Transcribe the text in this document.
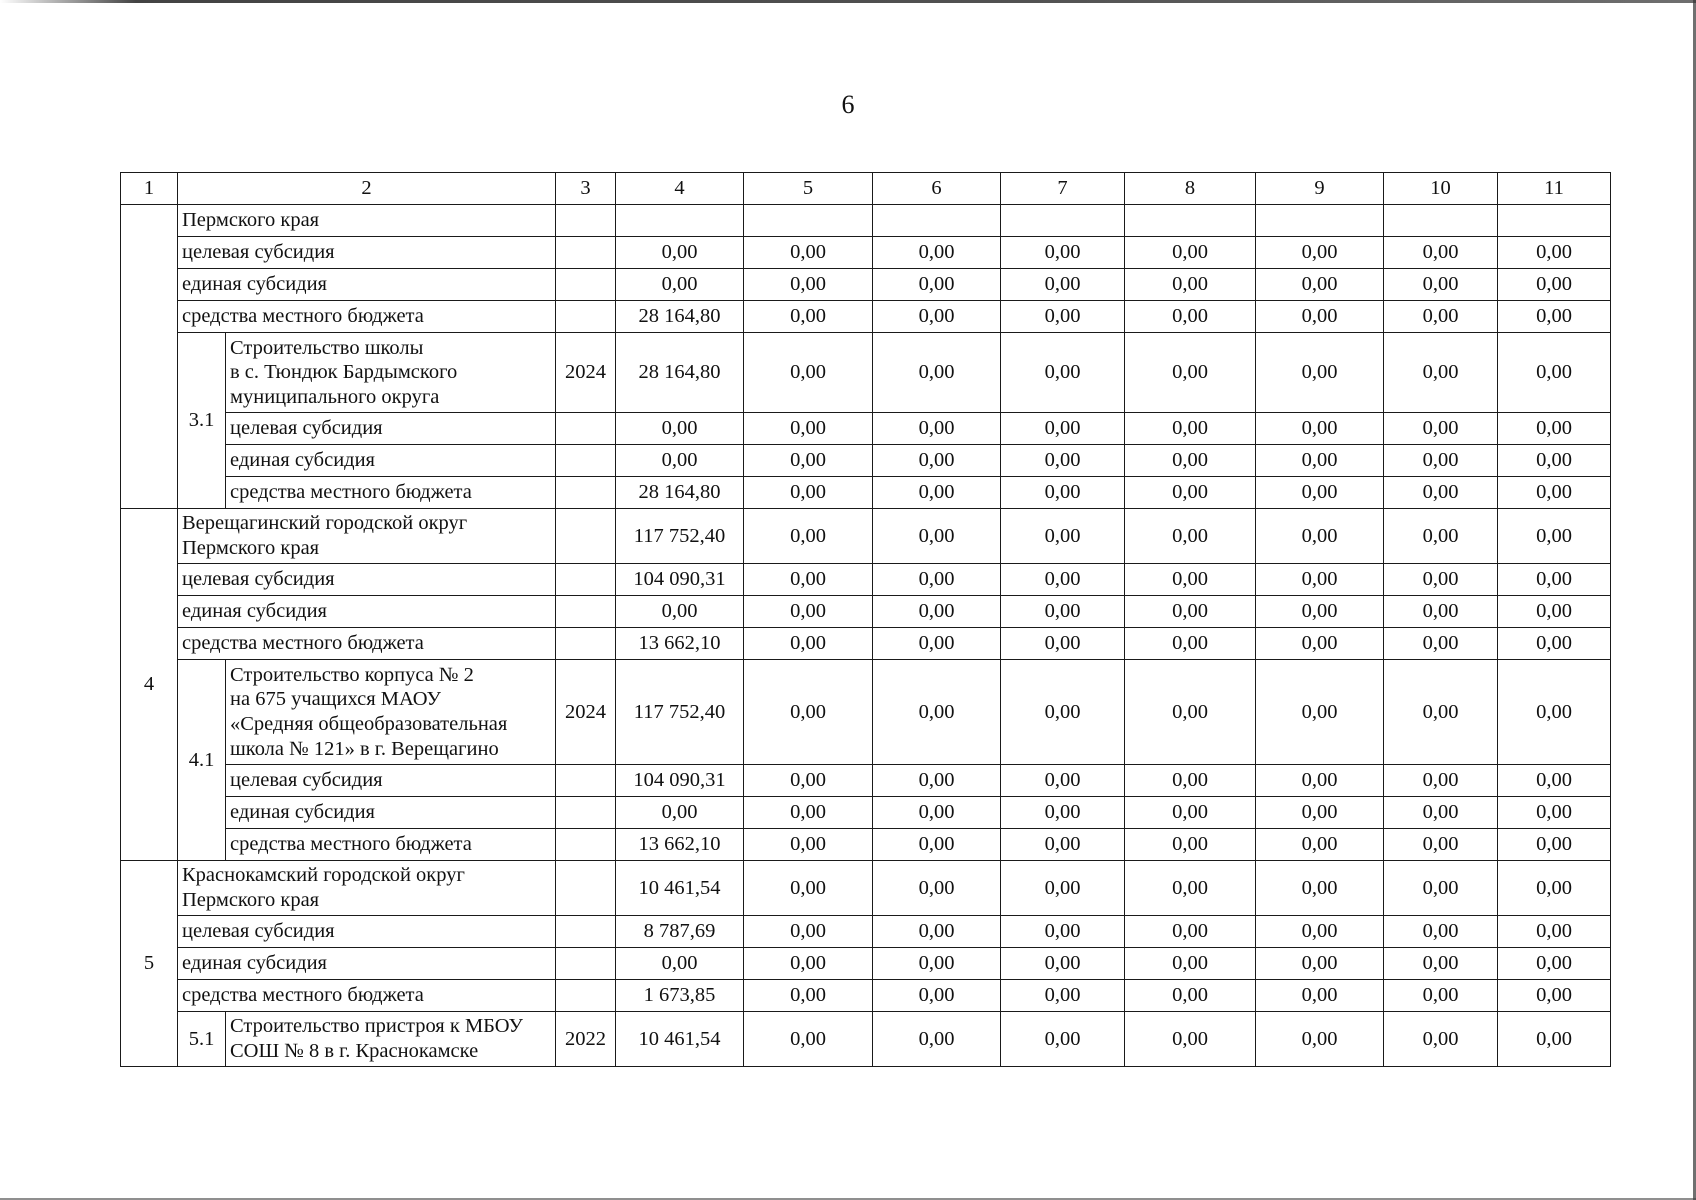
6
1	2		3	4	5	6	7	8	9	10	11

	Пермского края										

	целевая субсидия			0,00	0,00	0,00	0,00	0,00	0,00	0,00	0,00
	единая субсидия			0,00	0,00	0,00	0,00	0,00	0,00	0,00	0,00
	средства местного бюджета			28 164,80	0,00	0,00	0,00	0,00	0,00	0,00	0,00
	3.1	Строительство школы
в с. Тюндюк Бардымского
муниципального округа	2024	28 164,80	0,00	0,00	0,00	0,00	0,00	0,00	0,00
		целевая субсидия		0,00	0,00	0,00	0,00	0,00	0,00	0,00	0,00
		единая субсидия		0,00	0,00	0,00	0,00	0,00	0,00	0,00	0,00
		средства местного бюджета		28 164,80	0,00	0,00	0,00	0,00	0,00	0,00	0,00
4	Верещагинский городской округ
Пермского края			117 752,40	0,00	0,00	0,00	0,00	0,00	0,00	0,00
	целевая субсидия			104 090,31	0,00	0,00	0,00	0,00	0,00	0,00	0,00
	единая субсидия			0,00	0,00	0,00	0,00	0,00	0,00	0,00	0,00
	средства местного бюджета			13 662,10	0,00	0,00	0,00	0,00	0,00	0,00	0,00
	4.1	Строительство корпуса № 2
на 675 учащихся МАОУ
«Средняя общеобразовательная
школа № 121» в г. Верещагино	2024	117 752,40	0,00	0,00	0,00	0,00	0,00	0,00	0,00
		целевая субсидия		104 090,31	0,00	0,00	0,00	0,00	0,00	0,00	0,00
		единая субсидия		0,00	0,00	0,00	0,00	0,00	0,00	0,00	0,00
		средства местного бюджета		13 662,10	0,00	0,00	0,00	0,00	0,00	0,00	0,00
5	Краснокамский городской округ
Пермского края			10 461,54	0,00	0,00	0,00	0,00	0,00	0,00	0,00
	целевая субсидия			8 787,69	0,00	0,00	0,00	0,00	0,00	0,00	0,00
	единая субсидия			0,00	0,00	0,00	0,00	0,00	0,00	0,00	0,00
	средства местного бюджета			1 673,85	0,00	0,00	0,00	0,00	0,00	0,00	0,00
	5.1	Строительство пристроя к МБОУ
СОШ № 8 в г. Краснокамске	2022	10 461,54	0,00	0,00	0,00	0,00	0,00	0,00	0,00
